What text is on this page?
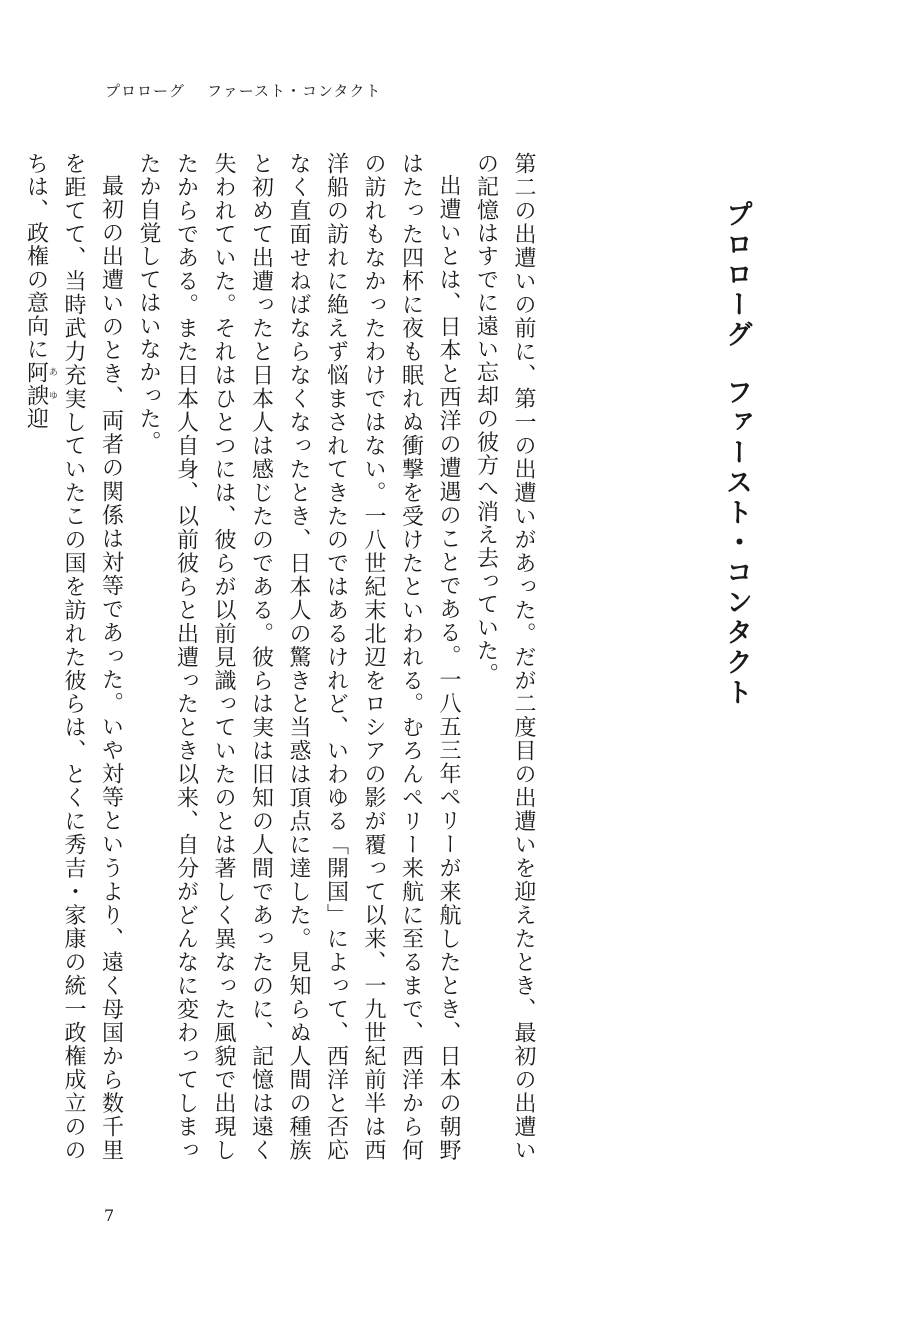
プロローグ ファースト・コンタクト
プロローグファースト・コンタクト

第二の出遭いの前に、第一の出遭いがあった。だが二度目の出遭いを迎えたとき、最初の出遭いの記憶はすでに遠い忘却の彼方へ消え去っていた。

出遭いとは、日本と西洋の遭遇のことである。一八五三年ペリーが来航したとき、日本の朝野はたった四杯に夜も眠れぬ衝撃を受けたといわれる。むろんペリー来航に至るまで、西洋から何の訪れもなかったわけではない。一八世紀末北辺をロシアの影が覆って以来、一九世紀前半は西洋船の訪れに絶えず悩まされてきたのではあるけれど、いわゆる「開国」によって、西洋と否応なく直面せねばならなくなったとき、日本人の驚きと当惑は頂点に達した。見知らぬ人間の種族と初めて出遭ったと日本人は感じたのである。彼らは実は旧知の人間であったのに、記憶は遠く失われていた。それはひとつには、彼らが以前見識っていたのとは著しく異なった風貌で出現したからである。また日本人自身、以前彼らと出遭ったとき以来、自分がどんなに変わってしまったか自覚してはいなかった。

最初の出遭いのとき、両者の関係は対等であった。いや対等というより、遠く母国から数千里を距てて、当時武力充実していたこの国を訪れた彼らは、とくに秀吉・家康の統一政権成立ののちは、政権の意向に阿諛あゆ迎

7
